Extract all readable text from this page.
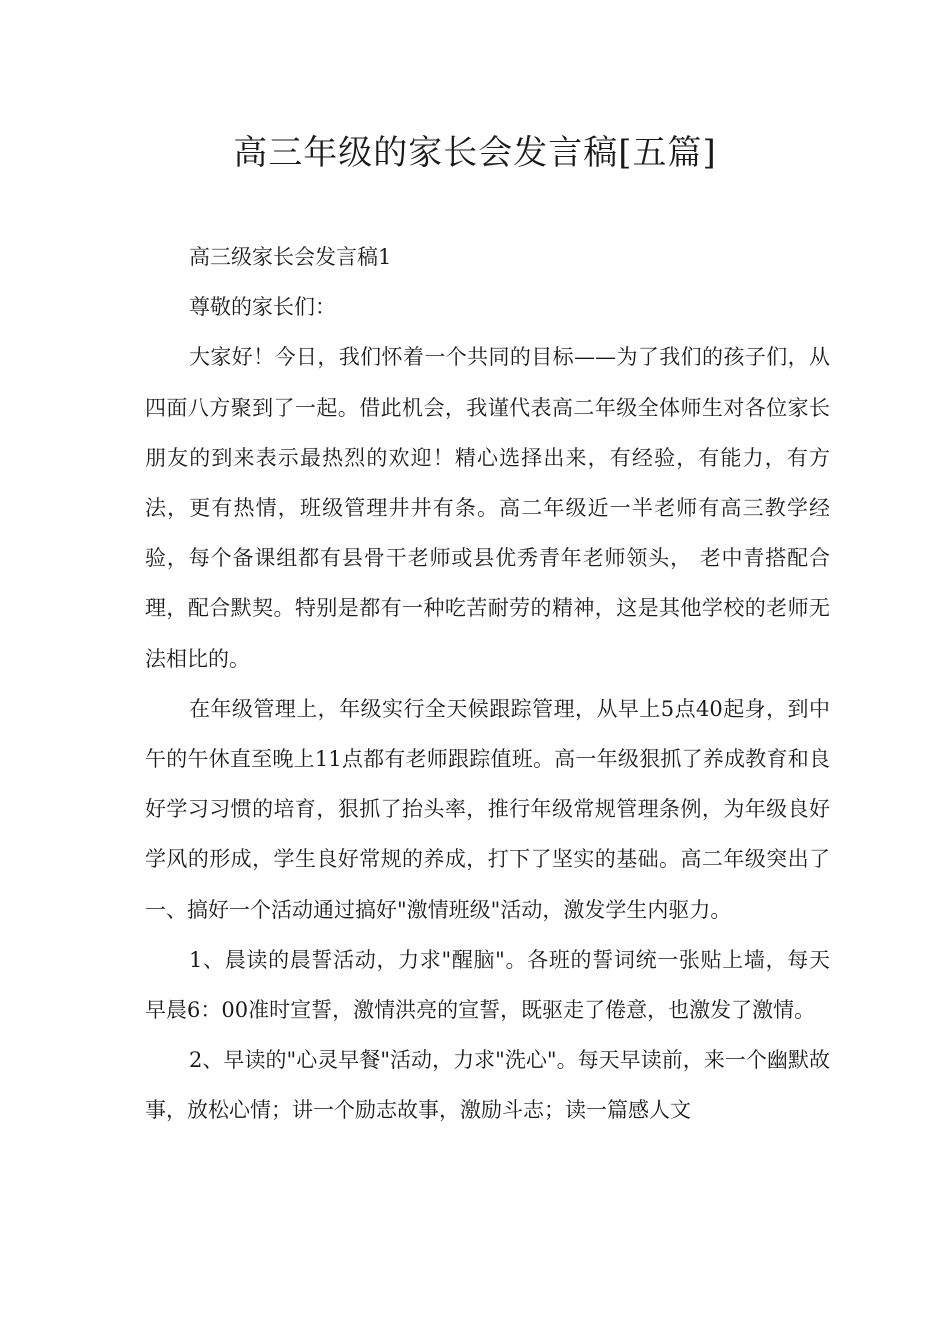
高三年级的家长会发言稿[五篇]

高三级家长会发言稿1

尊敬的家长们：

大家好！今日，我们怀着一个共同的目标——为了我们的孩子们，从四面八方聚到了一起。借此机会，我谨代表高二年级全体师生对各位家长朋友的到来表示最热烈的欢迎！精心选择出来，有经验，有能力，有方法，更有热情，班级管理井井有条。高二年级近一半老师有高三教学经验，每个备课组都有县骨干老师或县优秀青年老师领头， 老中青搭配合理，配合默契。特别是都有一种吃苦耐劳的精神，这是其他学校的老师无法相比的。

在年级管理上，年级实行全天候跟踪管理，从早上5点40起身，到中午的午休直至晚上11点都有老师跟踪值班。高一年级狠抓了养成教育和良好学习习惯的培育，狠抓了抬头率，推行年级常规管理条例，为年级良好学风的形成，学生良好常规的养成，打下了坚实的基础。高二年级突出了一、搞好一个活动通过搞好"激情班级"活动，激发学生内驱力。

1、晨读的晨誓活动，力求"醒脑"。各班的誓词统一张贴上墙，每天早晨6：00准时宣誓，激情洪亮的宣誓，既驱走了倦意，也激发了激情。

2、早读的"心灵早餐"活动，力求"洗心"。每天早读前，来一个幽默故事，放松心情；讲一个励志故事，激励斗志；读一篇感人文
